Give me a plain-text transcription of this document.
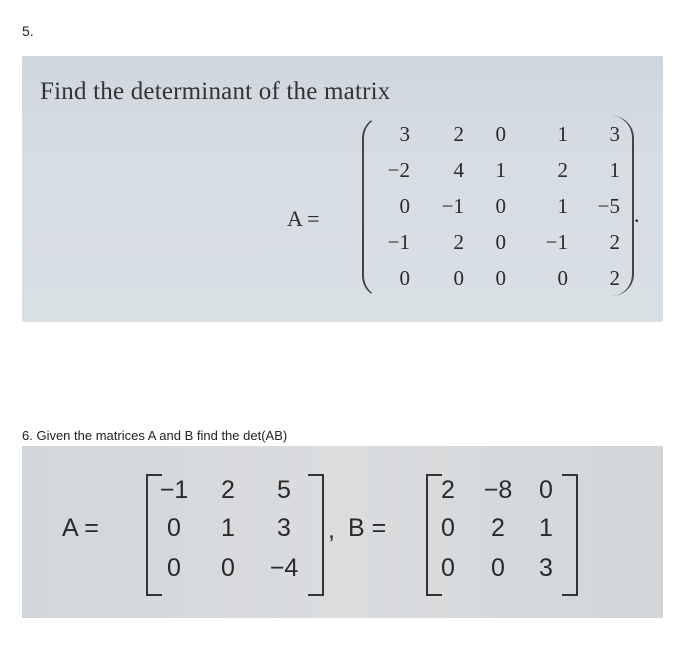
5.
Find the determinant of the matrix
A =
3	2	0	1	3
−2	4	1	2	1
0	−1	0	1	−5
−1	2	0	−1	2
0	0	0	0	2
.
6. Given the matrices A and B find the det(AB)
A =
−1	2	5
0	1	3
0	0	−4
, B =
2	−8	0
0	2	1
0	0	3
